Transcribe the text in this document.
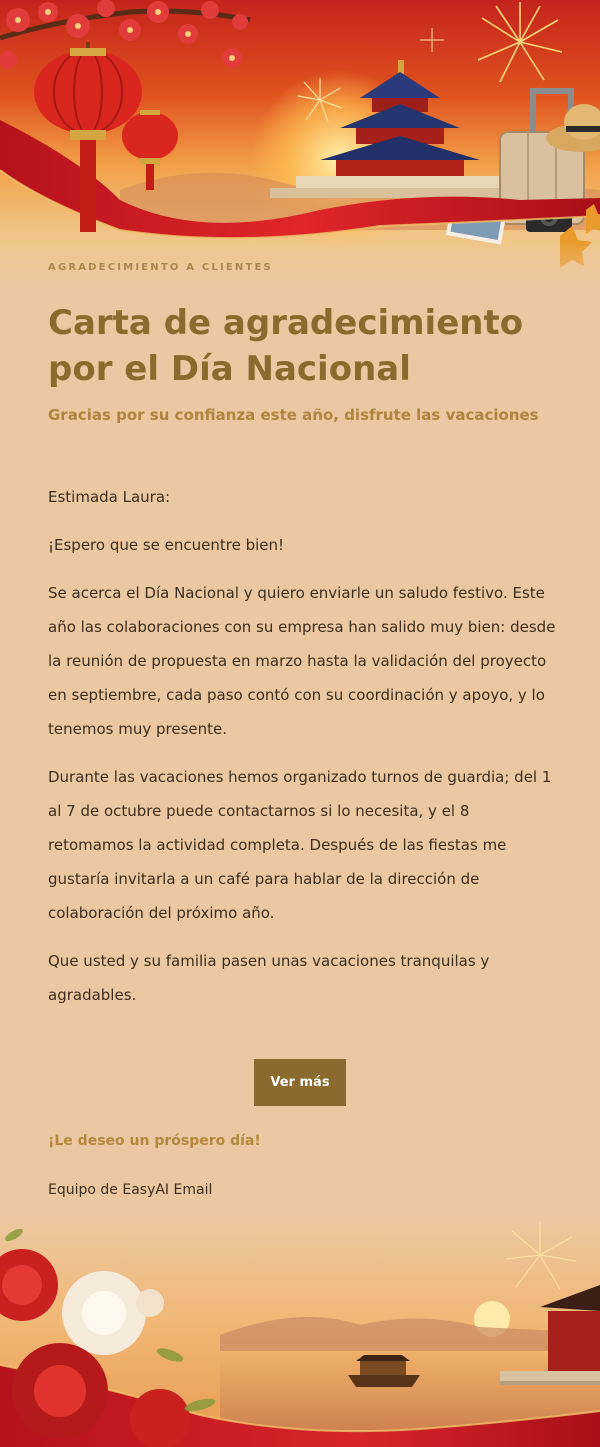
AGRADECIMIENTO A CLIENTES
Carta de agradecimiento por el Día Nacional
Gracias por su confianza este año, disfrute las vacaciones

Estimada Laura:

¡Espero que se encuentre bien!

Se acerca el Día Nacional y quiero enviarle un saludo festivo. Este año las colaboraciones con su empresa han salido muy bien: desde la reunión de propuesta en marzo hasta la validación del proyecto en septiembre, cada paso contó con su coordinación y apoyo, y lo tenemos muy presente.

Durante las vacaciones hemos organizado turnos de guardia; del 1 al 7 de octubre puede contactarnos si lo necesita, y el 8 retomamos la actividad completa. Después de las fiestas me gustaría invitarla a un café para hablar de la dirección de colaboración del próximo año.

Que usted y su familia pasen unas vacaciones tranquilas y agradables.

Ver más
¡Le deseo un próspero día!
Equipo de EasyAI Email
